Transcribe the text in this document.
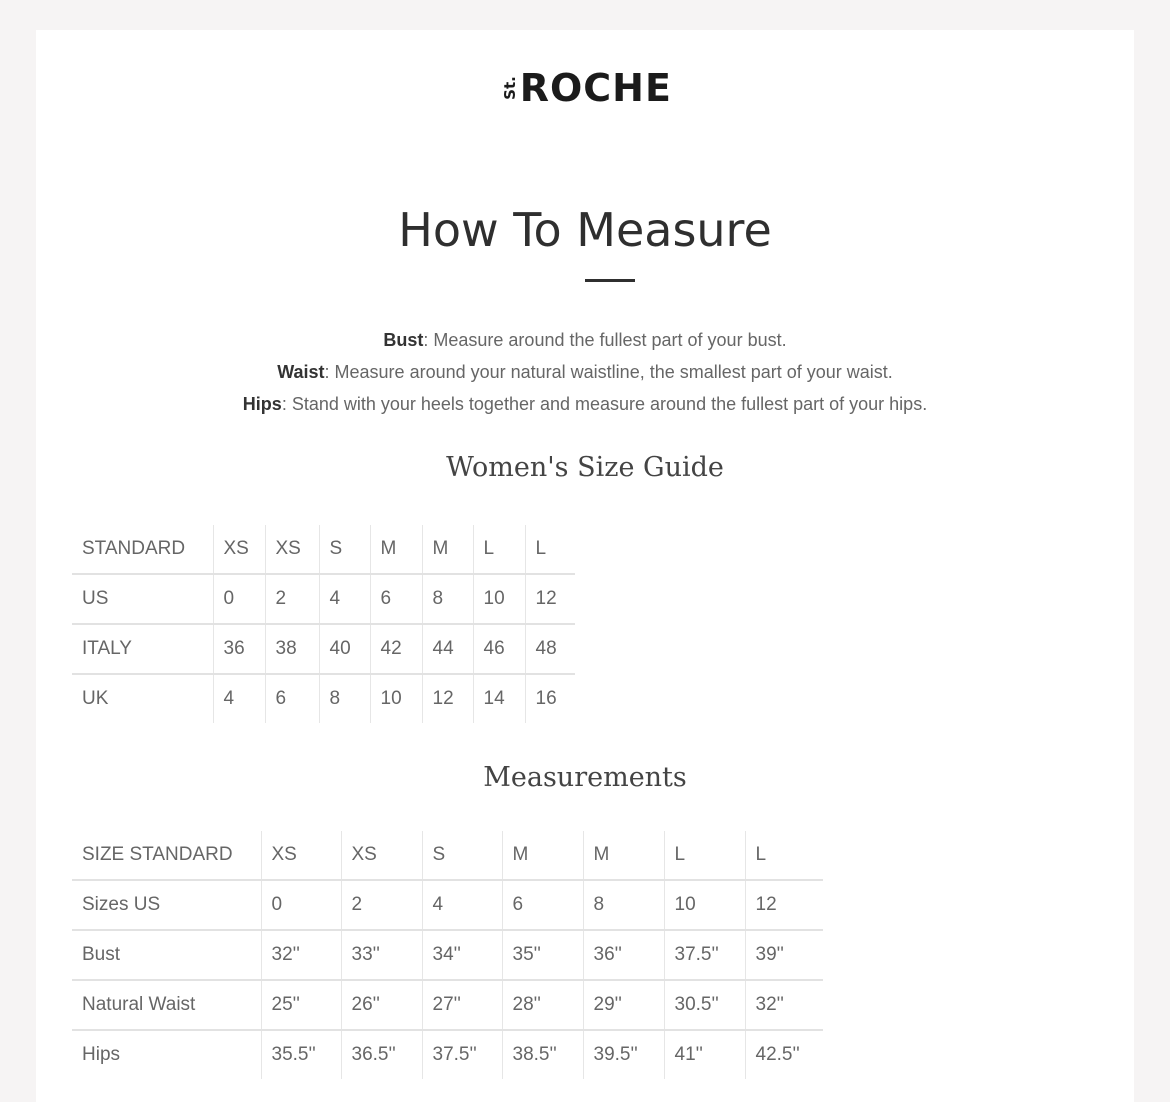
St.ROCHE
How To Measure
Bust: Measure around the fullest part of your bust.
Waist: Measure around your natural waistline, the smallest part of your waist.
Hips: Stand with your heels together and measure around the fullest part of your hips.
Women's Size Guide
STANDARD	XS	XS	S	M	M	L	L
US	0	2	4	6	8	10	12
ITALY	36	38	40	42	44	46	48
UK	4	6	8	10	12	14	16
Measurements
SIZE STANDARD	XS	XS	S	M	M	L	L
Sizes US	0	2	4	6	8	10	12
Bust	32''	33''	34''	35''	36''	37.5''	39''
Natural Waist	25''	26''	27''	28''	29''	30.5''	32''
Hips	35.5''	36.5''	37.5''	38.5''	39.5''	41''	42.5''
